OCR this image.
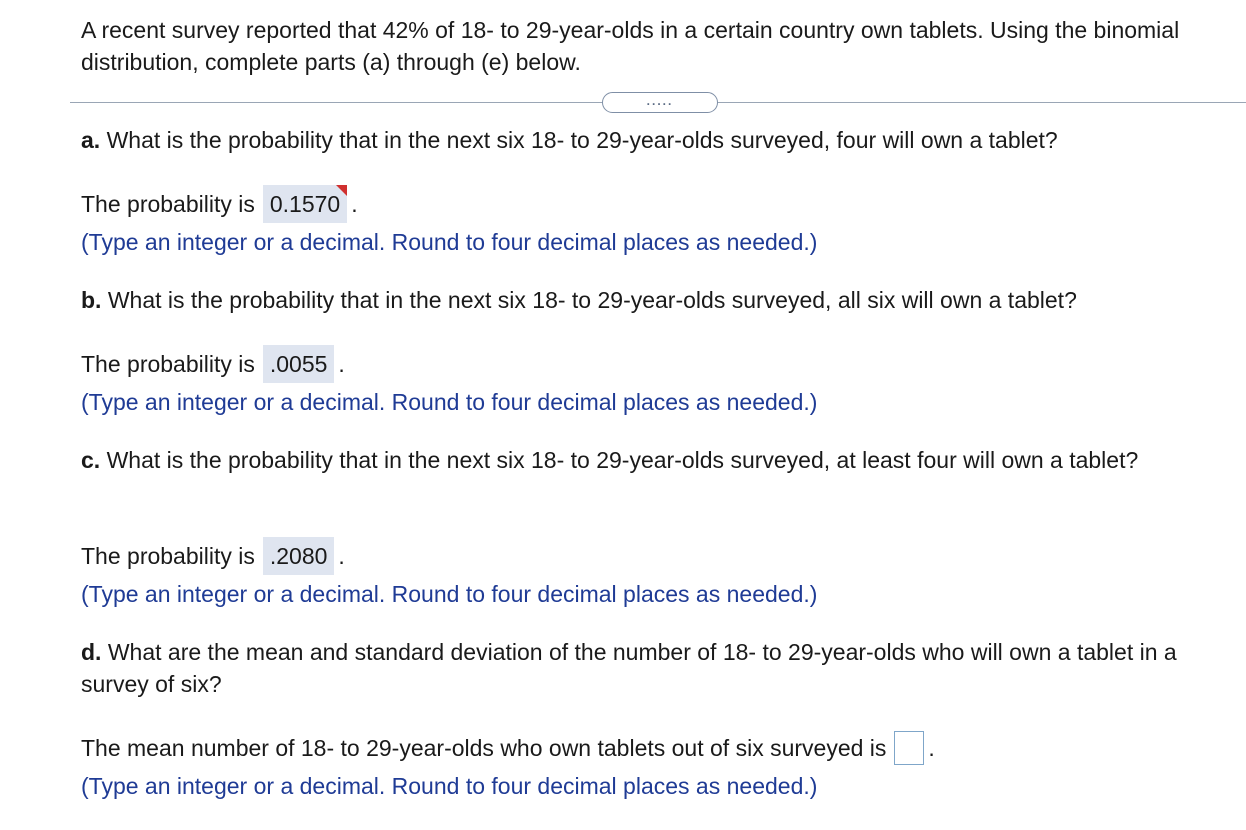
A recent survey reported that 42% of 18- to 29-year-olds in a certain country own tablets. Using the binomial distribution, complete parts (a) through (e) below.
.....
a. What is the probability that in the next six 18- to 29-year-olds surveyed, four will own a tablet?
The probability is 0.1570 .
(Type an integer or a decimal. Round to four decimal places as needed.)
b. What is the probability that in the next six 18- to 29-year-olds surveyed, all six will own a tablet?
The probability is .0055 .
(Type an integer or a decimal. Round to four decimal places as needed.)
c. What is the probability that in the next six 18- to 29-year-olds surveyed, at least four will own a tablet?
The probability is .2080 .
(Type an integer or a decimal. Round to four decimal places as needed.)
d. What are the mean and standard deviation of the number of 18- to 29-year-olds who will own a tablet in a survey of six?
The mean number of 18- to 29-year-olds who own tablets out of six surveyed is .
(Type an integer or a decimal. Round to four decimal places as needed.)
